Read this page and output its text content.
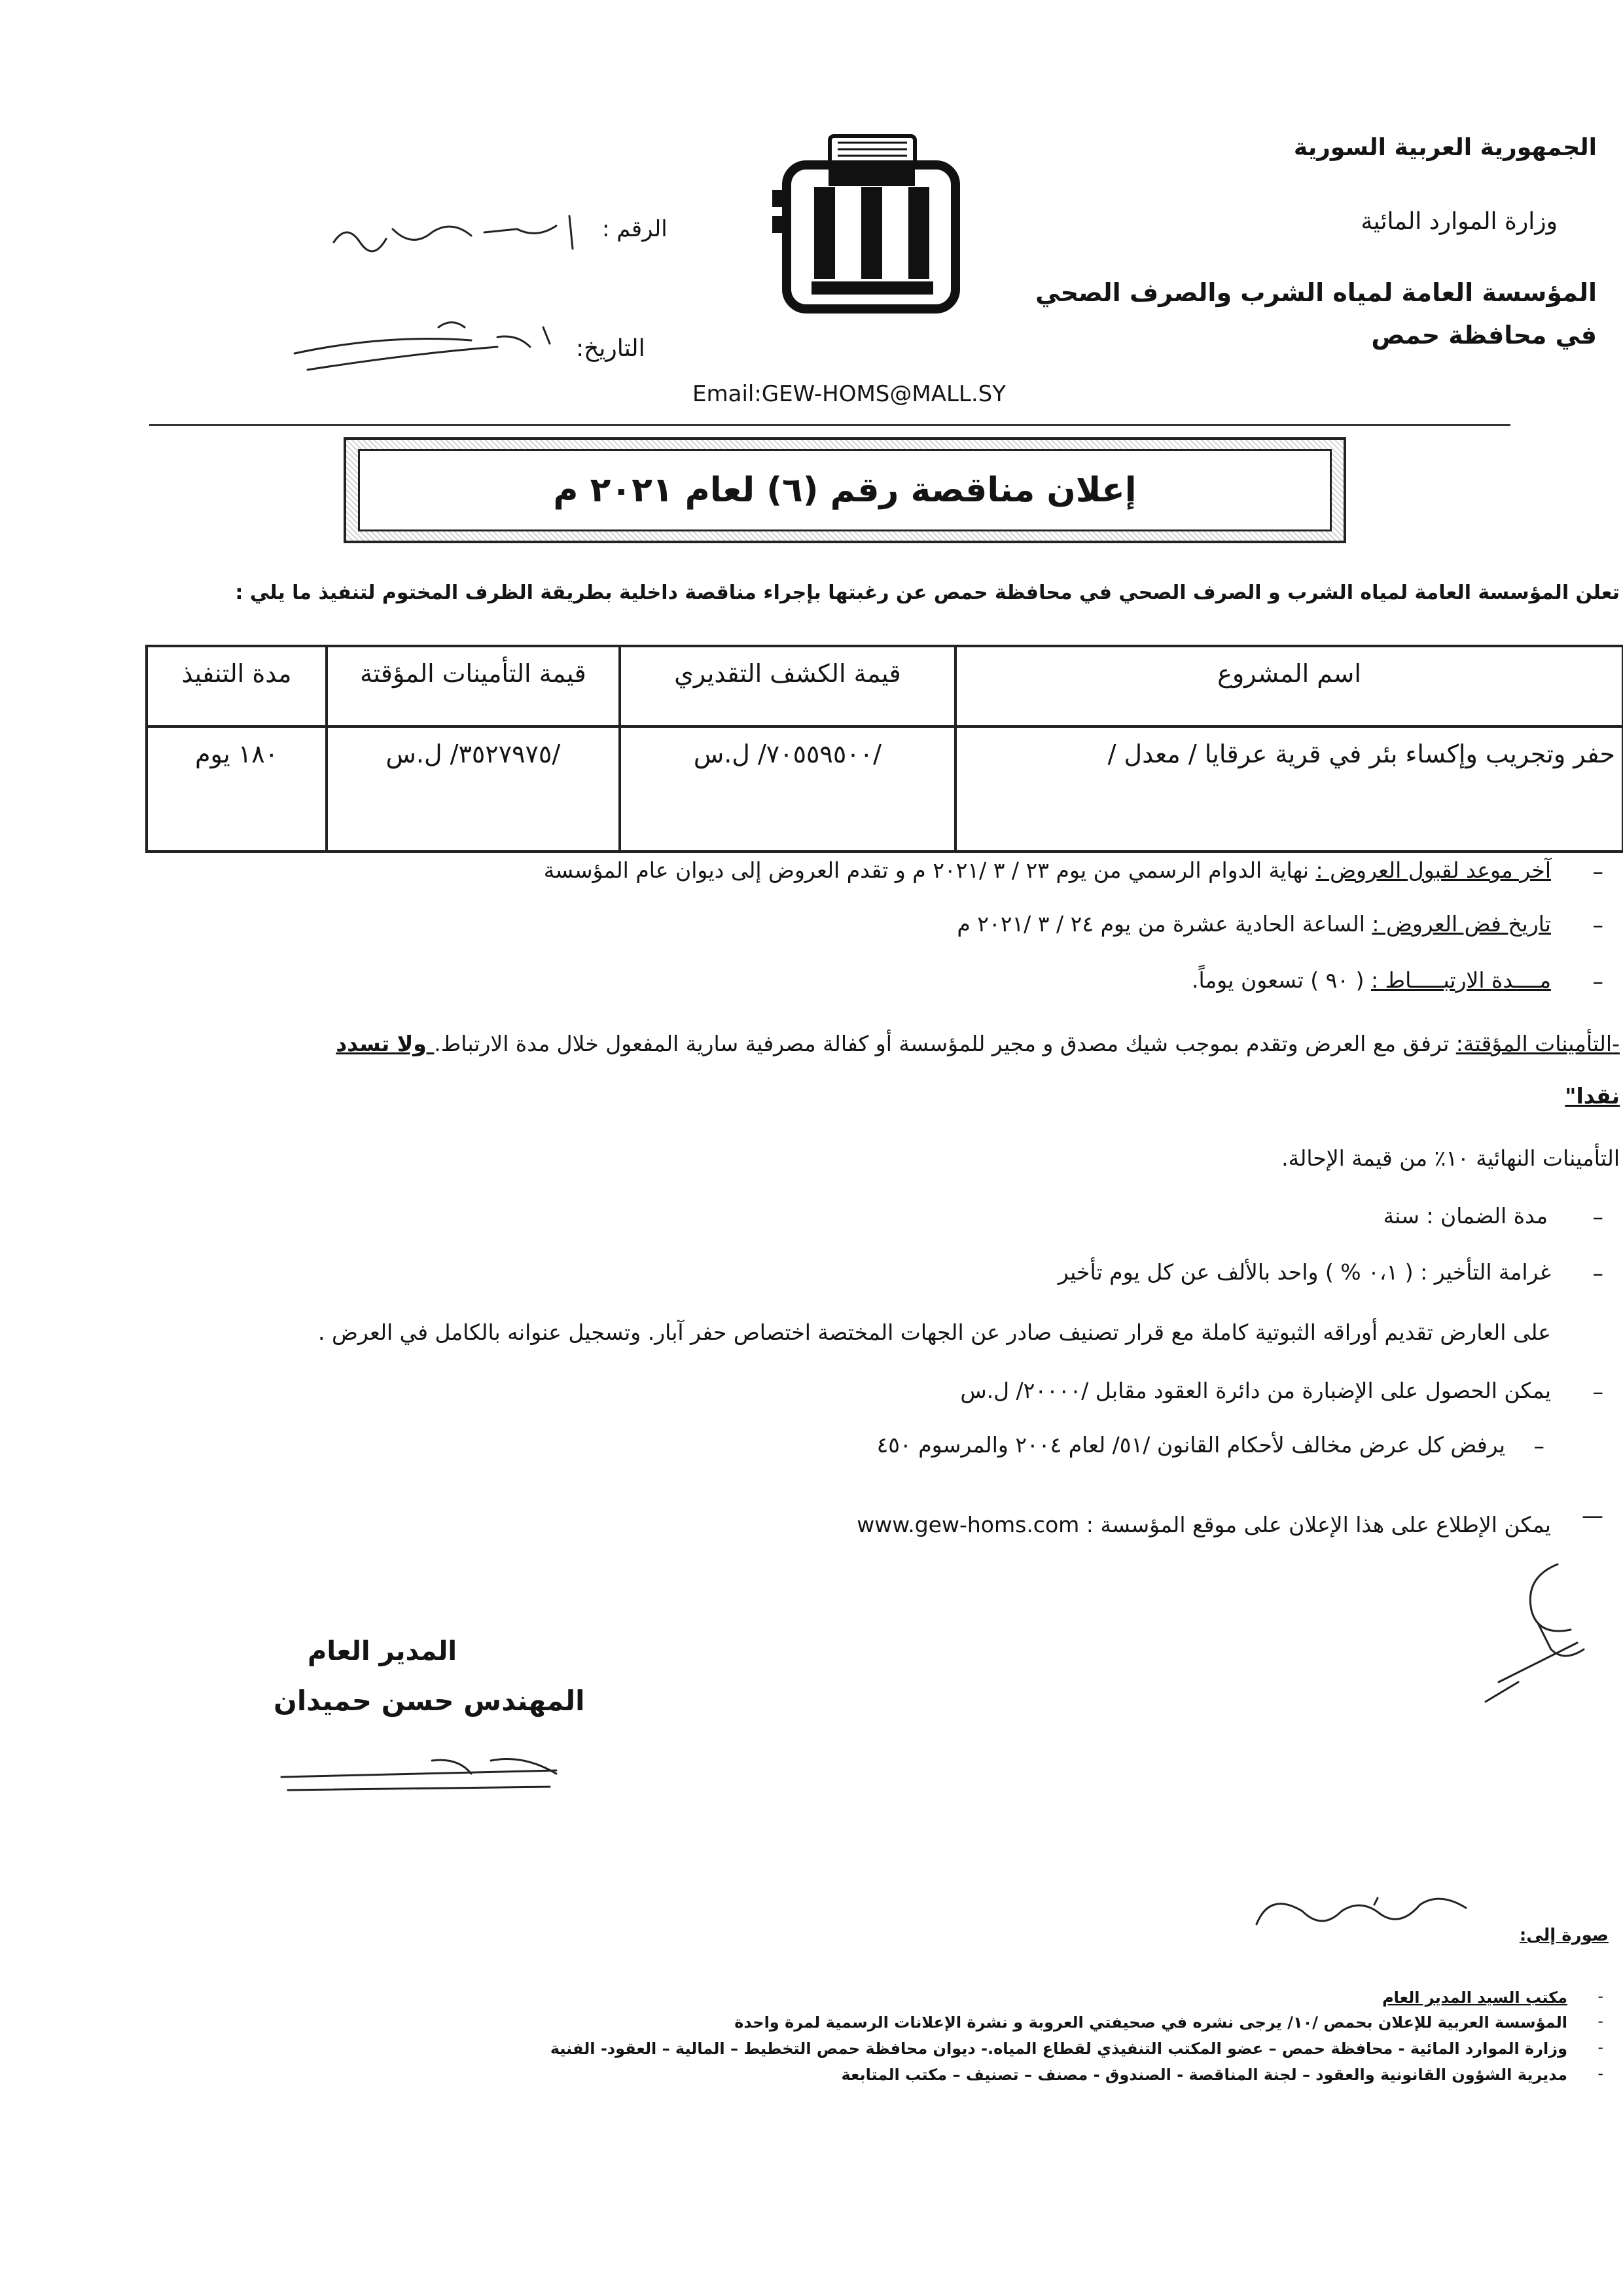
الجمهورية العربية السورية
وزارة الموارد المائية
المؤسسة العامة لمياه الشرب والصرف الصحي
في محافظة حمص
الرقم :
التاريخ:
Email:GEW-HOMS@MALL.SY
إعلان مناقصة رقم (٦) لعام ٢٠٢١ م
تعلن المؤسسة العامة لمياه الشرب و الصرف الصحي في محافظة حمص عن رغبتها بإجراء مناقصة داخلية بطريقة الظرف المختوم لتنفيذ ما يلي :
اسم المشروع	قيمة الكشف التقديري	قيمة التأمينات المؤقتة	مدة التنفيذ
حفر وتجريب وإكساء بئر في قرية عرقايا / معدل /	/٧٠٥٥٩٥٠٠/ ل.س	/٣٥٢٧٩٧٥/ ل.س	١٨٠ يوم
آخر موعد لقبول العروض : نهاية الدوام الرسمي من يوم ٢٣ / ٣ /٢٠٢١ م و تقدم العروض إلى ديوان عام المؤسسة	–
تاريخ فض العروض : الساعة الحادية عشرة من يوم ٢٤ / ٣ /٢٠٢١ م	–
مــــدة الارتبـــــاط : ( ٩٠ ) تسعون يوماً.	–
-التأمينات المؤقتة: ترفق مع العرض وتقدم بموجب شيك مصدق و مجير للمؤسسة أو كفالة مصرفية سارية المفعول خلال مدة الارتباط. ولا تسدد
نقدا"
التأمينات النهائية ١٠٪ من قيمة الإحالة.
مدة الضمان : سنة –
غرامة التأخير : ( ٠،١ % ) واحد بالألف عن كل يوم تأخير –
على العارض تقديم أوراقه الثبوتية كاملة مع قرار تصنيف صادر عن الجهات المختصة اختصاص حفر آبار. وتسجيل عنوانه بالكامل في العرض .
يمكن الحصول على الإضبارة من دائرة العقود مقابل /٢٠٠٠٠/ ل.س –
يرفض كل عرض مخالف لأحكام القانون /٥١/ لعام ٢٠٠٤ والمرسوم ٤٥٠ –
يمكن الإطلاع على هذا الإعلان على موقع المؤسسة : www.gew-homs.com —
المدير العام
المهندس حسن حميدان
صورة إلى:
مكتب السيد المدير العام -
المؤسسة العربية للإعلان بحمص /١٠/ يرجى نشره في صحيفتي العروبة و نشرة الإعلانات الرسمية لمرة واحدة -
وزارة الموارد المائية - محافظة حمص – عضو المكتب التنفيذي لقطاع المياه.- ديوان محافظة حمص التخطيط – المالية – العقود- الفنية -
مديرية الشؤون القانونية والعقود – لجنة المناقصة - الصندوق - مصنف – تصنيف – مكتب المتابعة -
